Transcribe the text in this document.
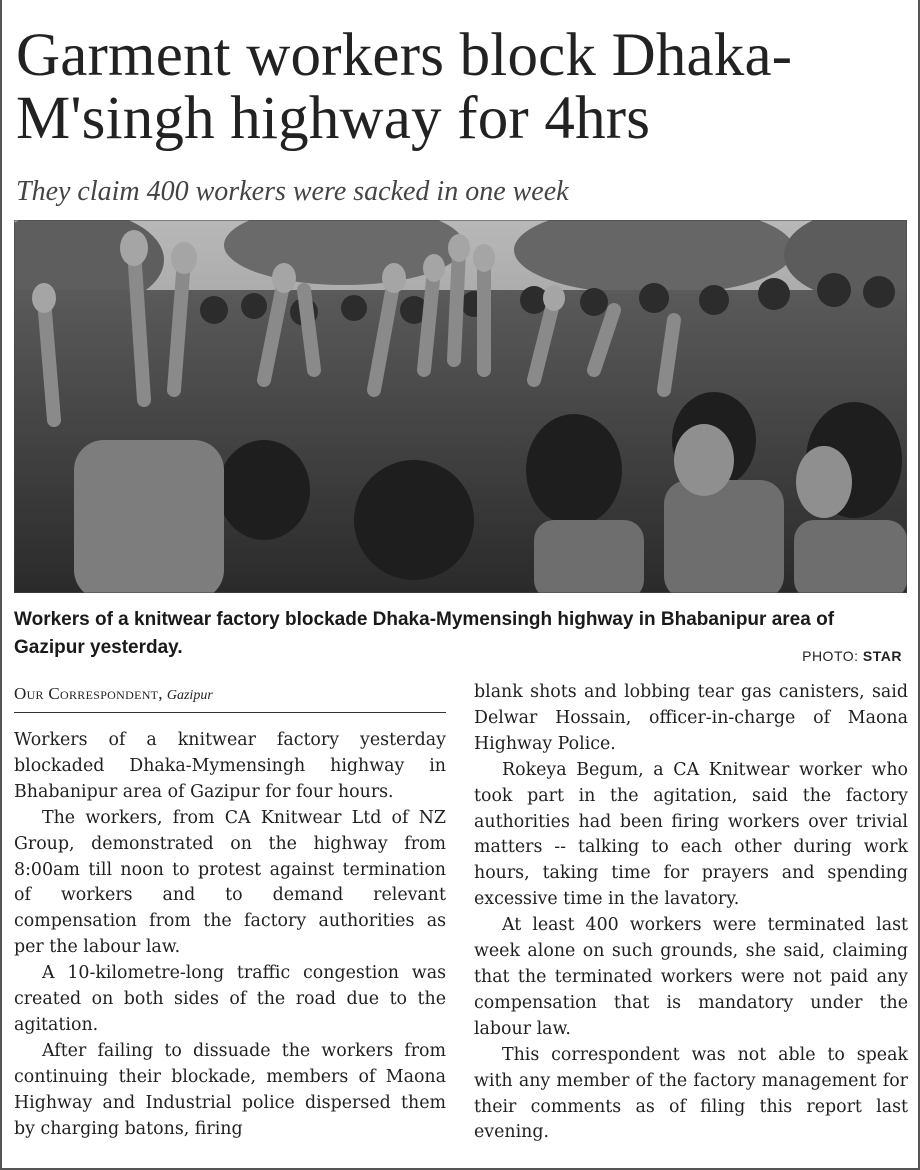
Garment workers block Dhaka-M'singh highway for 4hrs
They claim 400 workers were sacked in one week
Workers of a knitwear factory blockade Dhaka-Mymensingh highway in Bhabanipur area of Gazipur yesterday.	PHOTO: STAR
Our Correspondent, Gazipur

Workers of a knitwear factory yesterday blockaded Dhaka-Mymensingh highway in Bhabanipur area of Gazipur for four hours.

The workers, from CA Knitwear Ltd of NZ Group, demonstrated on the highway from 8:00am till noon to protest against termination of workers and to demand relevant compensation from the factory authorities as per the labour law.

A 10-kilometre-long traffic congestion was created on both sides of the road due to the agitation.

After failing to dissuade the workers from continuing their blockade, members of Maona Highway and Industrial police dispersed them by charging batons, firing

blank shots and lobbing tear gas canisters, said Delwar Hossain, officer-in-charge of Maona Highway Police.

Rokeya Begum, a CA Knitwear worker who took part in the agitation, said the factory authorities had been firing workers over trivial matters -- talking to each other during work hours, taking time for prayers and spending excessive time in the lavatory.

At least 400 workers were terminated last week alone on such grounds, she said, claiming that the terminated workers were not paid any compensation that is mandatory under the labour law.

This correspondent was not able to speak with any member of the factory management for their comments as of filing this report last evening.
